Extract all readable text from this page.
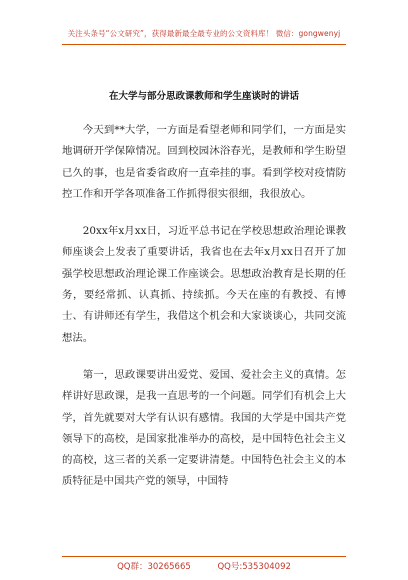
关注头条号“公文研究”，获得最新最全最专业的公文资料库！ 微信：gongwenyj
在大学与部分思政课教师和学生座谈时的讲话

今天到**大学，一方面是看望老师和同学们，一方面是实地调研开学保障情况。回到校园沐浴春光，是教师和学生盼望已久的事，也是省委省政府一直牵挂的事。看到学校对疫情防控工作和开学各项准备工作抓得很实很细，我很放心。

20xx年x月xx日，习近平总书记在学校思想政治理论课教师座谈会上发表了重要讲话，我省也在去年x月xx日召开了加强学校思想政治理论课工作座谈会。思想政治教育是长期的任务，要经常抓、认真抓、持续抓。今天在座的有教授、有博士、有讲师还有学生，我借这个机会和大家谈谈心，共同交流想法。

第一，思政课要讲出爱党、爱国、爱社会主义的真情。怎样讲好思政课，是我一直思考的一个问题。同学们有机会上大学，首先就要对大学有认识有感情。我国的大学是中国共产党领导下的高校，是国家批准举办的高校，是中国特色社会主义的高校，这三者的关系一定要讲清楚。中国特色社会主义的本质特征是中国共产党的领导，中国特

QQ群：30265665	QQ号:535304092
